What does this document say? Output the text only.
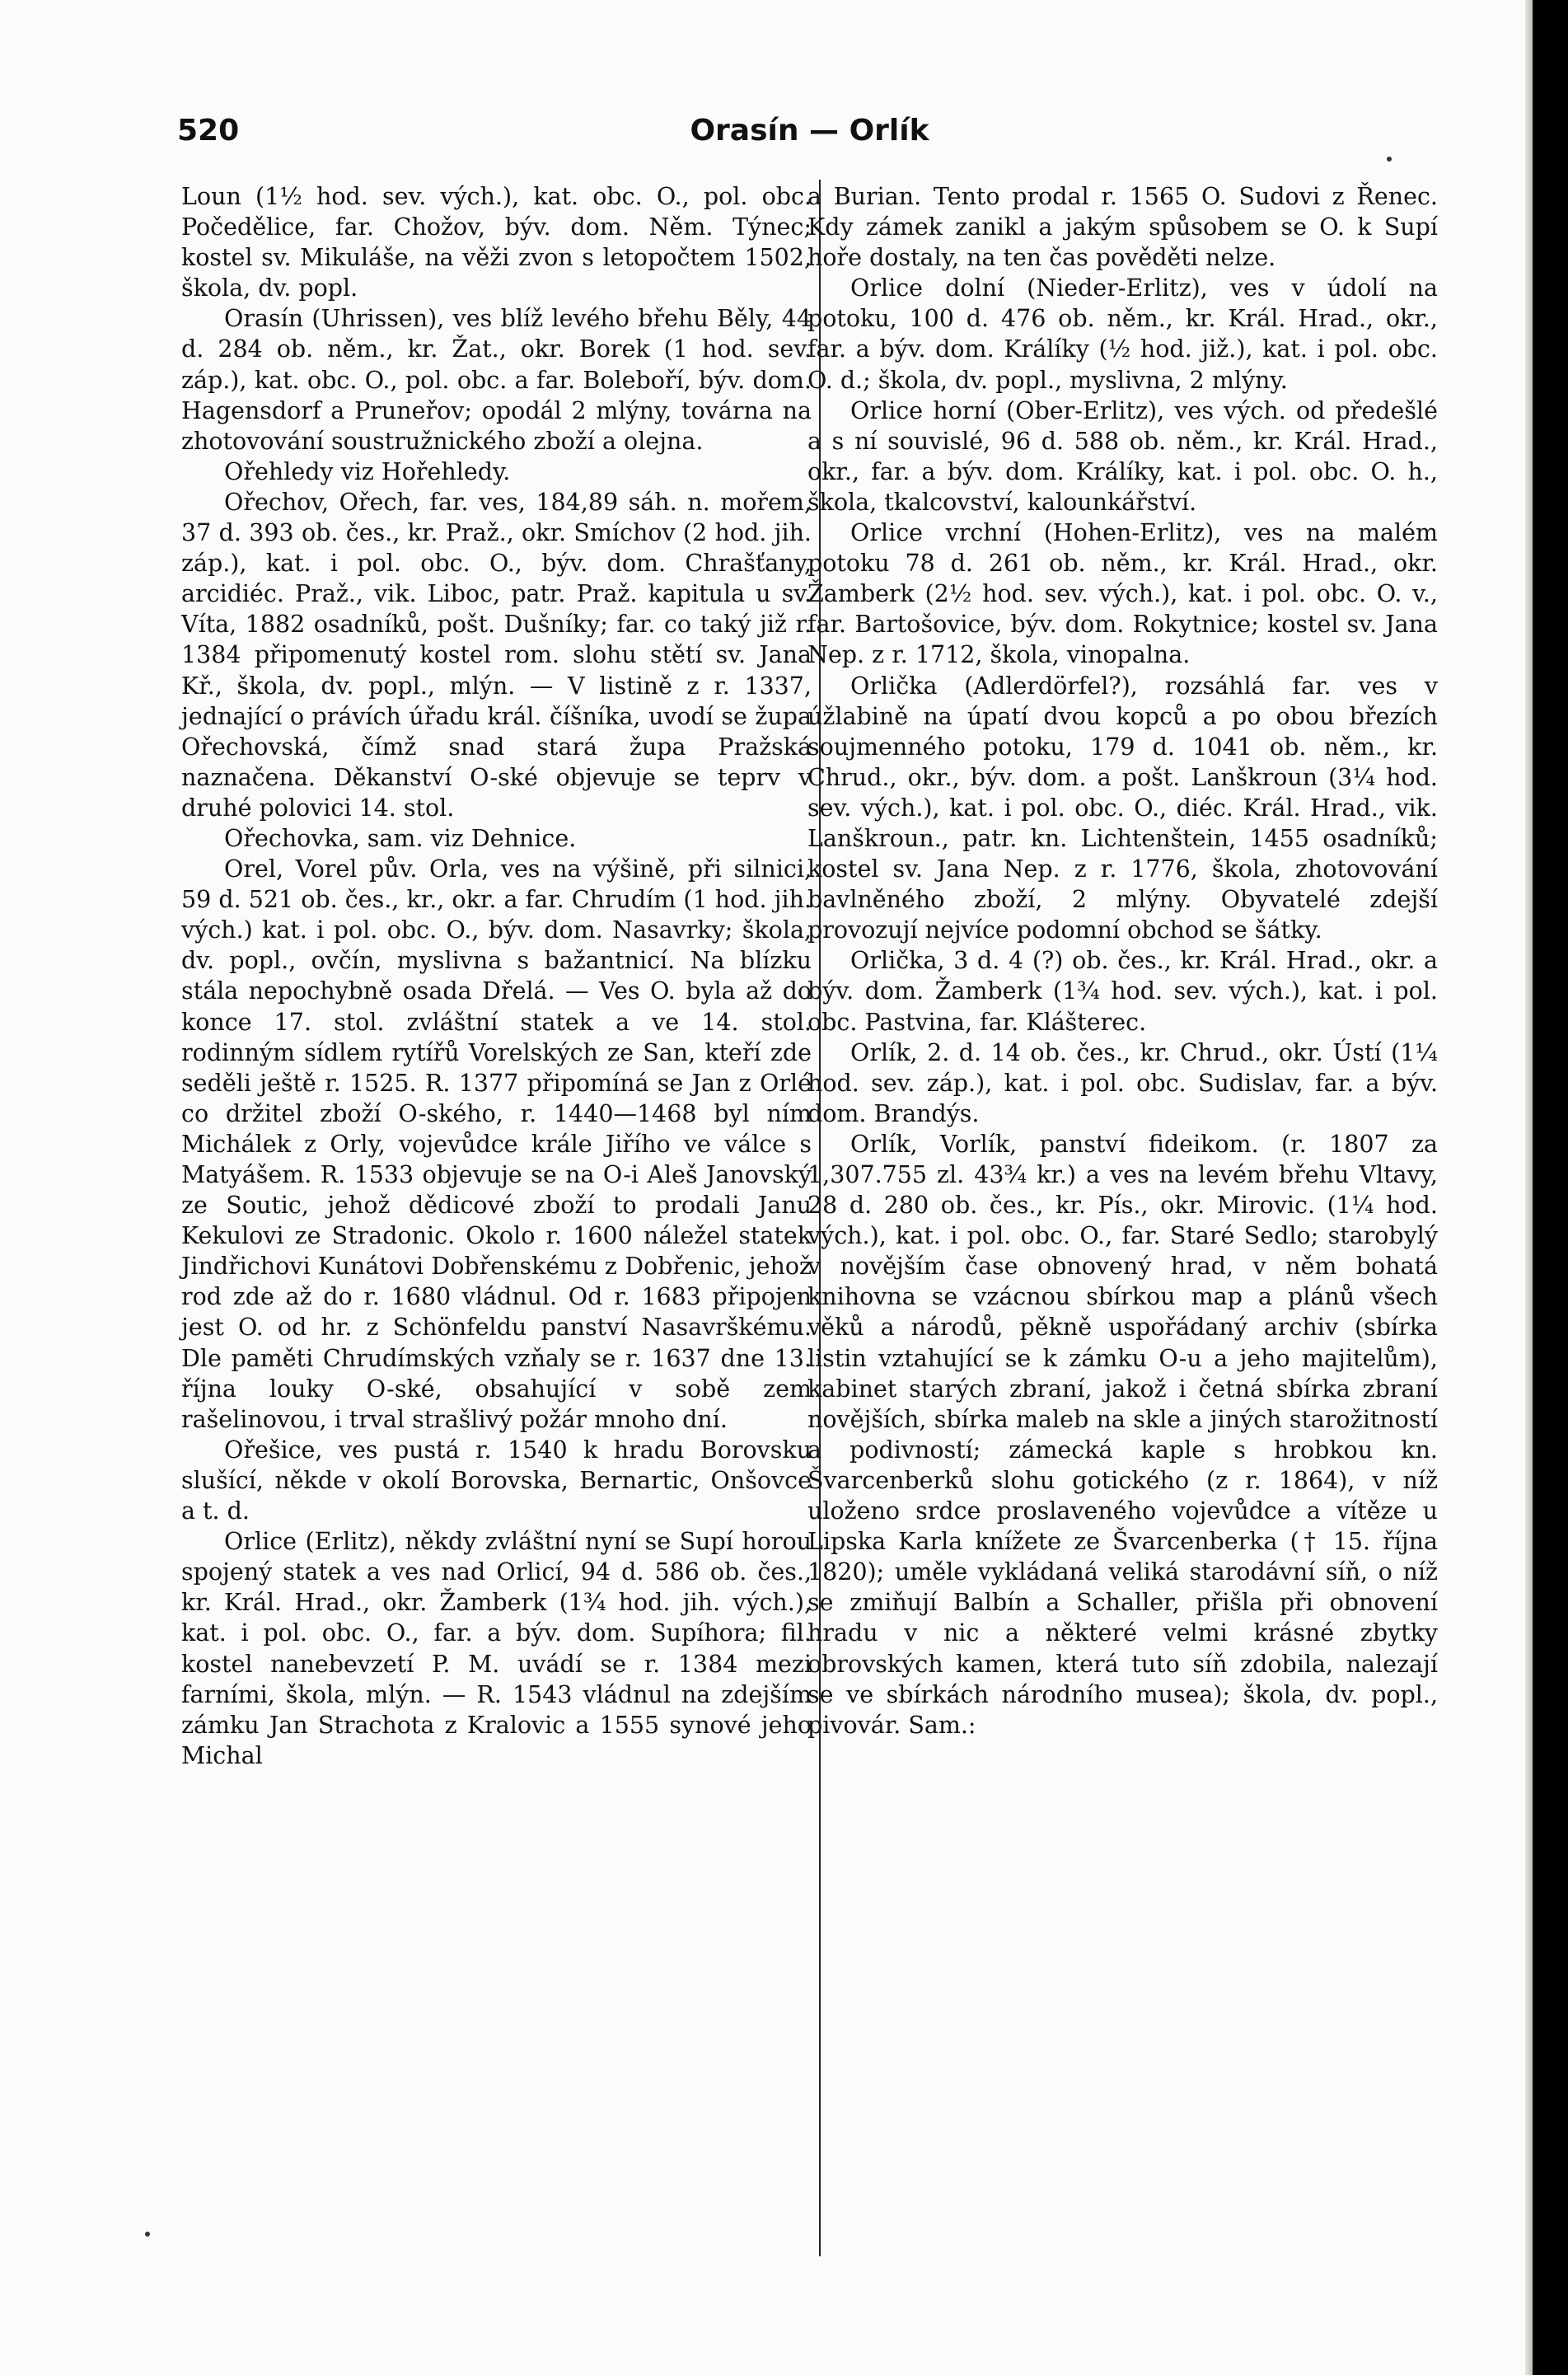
520	Orasín — Orlík

Loun (1½ hod. sev. vých.), kat. obc. O., pol. obc. Počedělice, far. Chožov, býv. dom. Něm. Týnec; kostel sv. Mikuláše, na věži zvon s letopočtem 1502, škola, dv. popl.

Orasín (Uhrissen), ves blíž levého břehu Běly, 44 d. 284 ob. něm., kr. Žat., okr. Borek (1 hod. sev. záp.), kat. obc. O., pol. obc. a far. Boleboří, býv. dom. Hagensdorf a Pruneřov; opodál 2 mlýny, továrna na zhotovování soustružnického zboží a olejna.

Ořehledy viz Hořehledy.

Ořechov, Ořech, far. ves, 184,89 sáh. n. mořem, 37 d. 393 ob. čes., kr. Praž., okr. Smíchov (2 hod. jih. záp.), kat. i pol. obc. O., býv. dom. Chrašťany, arcidiéc. Praž., vik. Liboc, patr. Praž. kapitula u sv. Víta, 1882 osadníků, pošt. Dušníky; far. co taký již r. 1384 připomenutý kostel rom. slohu stětí sv. Jana Kř., škola, dv. popl., mlýn. — V listině z r. 1337, jednající o právích úřadu král. číšníka, uvodí se župa Ořechovská, čímž snad stará župa Pražská naznačena. Děkanství O-ské objevuje se teprv v druhé polovici 14. stol.

Ořechovka, sam. viz Dehnice.

Orel, Vorel pův. Orla, ves na výšině, při silnici, 59 d. 521 ob. čes., kr., okr. a far. Chrudím (1 hod. jih. vých.) kat. i pol. obc. O., býv. dom. Nasavrky; škola, dv. popl., ovčín, myslivna s bažantnicí. Na blízku stála nepochybně osada Dřelá. — Ves O. byla až do konce 17. stol. zvláštní statek a ve 14. stol. rodinným sídlem rytířů Vorelských ze San, kteří zde seděli ještě r. 1525. R. 1377 připomíná se Jan z Orlé co držitel zboží O-ského, r. 1440—1468 byl ním Michálek z Orly, vojevůdce krále Jiřího ve válce s Matyášem. R. 1533 objevuje se na O-i Aleš Janovský ze Soutic, jehož dědicové zboží to prodali Janu Kekulovi ze Stradonic. Okolo r. 1600 náležel statek Jindřichovi Kunátovi Dobřenskému z Dobřenic, jehož rod zde až do r. 1680 vládnul. Od r. 1683 připojen jest O. od hr. z Schönfeldu panství Nasavrškému. Dle paměti Chrudímských vzňaly se r. 1637 dne 13. října louky O-ské, obsahující v sobě zem rašelinovou, i trval strašlivý požár mnoho dní.

Ořešice, ves pustá r. 1540 k hradu Borovsku slušící, někde v okolí Borovska, Bernartic, Onšovce a t. d.

Orlice (Erlitz), někdy zvláštní nyní se Supí horou spojený statek a ves nad Orlicí, 94 d. 586 ob. čes., kr. Král. Hrad., okr. Žamberk (1¾ hod. jih. vých.), kat. i pol. obc. O., far. a býv. dom. Supíhora; fil. kostel nanebevzetí P. M. uvádí se r. 1384 mezi farními, škola, mlýn. — R. 1543 vládnul na zdejším zámku Jan Strachota z Kralovic a 1555 synové jeho Michal

a Burian. Tento prodal r. 1565 O. Sudovi z Řenec. Kdy zámek zanikl a jakým spůsobem se O. k Supí hoře dostaly, na ten čas pověděti nelze.

Orlice dolní (Nieder-Erlitz), ves v údolí na potoku, 100 d. 476 ob. něm., kr. Král. Hrad., okr., far. a býv. dom. Králíky (½ hod. již.), kat. i pol. obc. O. d.; škola, dv. popl., myslivna, 2 mlýny.

Orlice horní (Ober-Erlitz), ves vých. od předešlé a s ní souvislé, 96 d. 588 ob. něm., kr. Král. Hrad., okr., far. a býv. dom. Králíky, kat. i pol. obc. O. h., škola, tkalcovství, kalounkářství.

Orlice vrchní (Hohen-Erlitz), ves na malém potoku 78 d. 261 ob. něm., kr. Král. Hrad., okr. Žamberk (2½ hod. sev. vých.), kat. i pol. obc. O. v., far. Bartošovice, býv. dom. Rokytnice; kostel sv. Jana Nep. z r. 1712, škola, vinopalna.

Orlička (Adlerdörfel?), rozsáhlá far. ves v úžlabině na úpatí dvou kopců a po obou březích soujmenného potoku, 179 d. 1041 ob. něm., kr. Chrud., okr., býv. dom. a pošt. Lanškroun (3¼ hod. sev. vých.), kat. i pol. obc. O., diéc. Král. Hrad., vik. Lanškroun., patr. kn. Lichtenštein, 1455 osadníků; kostel sv. Jana Nep. z r. 1776, škola, zhotovování bavlněného zboží, 2 mlýny. Obyvatelé zdejší provozují nejvíce podomní obchod se šátky.

Orlička, 3 d. 4 (?) ob. čes., kr. Král. Hrad., okr. a býv. dom. Žamberk (1¾ hod. sev. vých.), kat. i pol. obc. Pastvina, far. Klášterec.

Orlík, 2. d. 14 ob. čes., kr. Chrud., okr. Ústí (1¼ hod. sev. záp.), kat. i pol. obc. Sudislav, far. a býv. dom. Brandýs.

Orlík, Vorlík, panství fideikom. (r. 1807 za 1,307.755 zl. 43¾ kr.) a ves na levém břehu Vltavy, 28 d. 280 ob. čes., kr. Pís., okr. Mirovic. (1¼ hod. vých.), kat. i pol. obc. O., far. Staré Sedlo; starobylý v novějším čase obnovený hrad, v něm bohatá knihovna se vzácnou sbírkou map a plánů všech věků a národů, pěkně uspořádaný archiv (sbírka listin vztahující se k zámku O-u a jeho majitelům), kabinet starých zbraní, jakož i četná sbírka zbraní novějších, sbírka maleb na skle a jiných starožitností a podivností; zámecká kaple s hrobkou kn. Švarcenberků slohu gotického (z r. 1864), v níž uloženo srdce proslaveného vojevůdce a vítěze u Lipska Karla knížete ze Švarcenberka († 15. října 1820); uměle vykládaná veliká starodávní síň, o níž se zmiňují Balbín a Schaller, přišla při obnovení hradu v nic a některé velmi krásné zbytky obrovských kamen, která tuto síň zdobila, nalezají se ve sbírkách národního musea); škola, dv. popl., pivovár. Sam.:
